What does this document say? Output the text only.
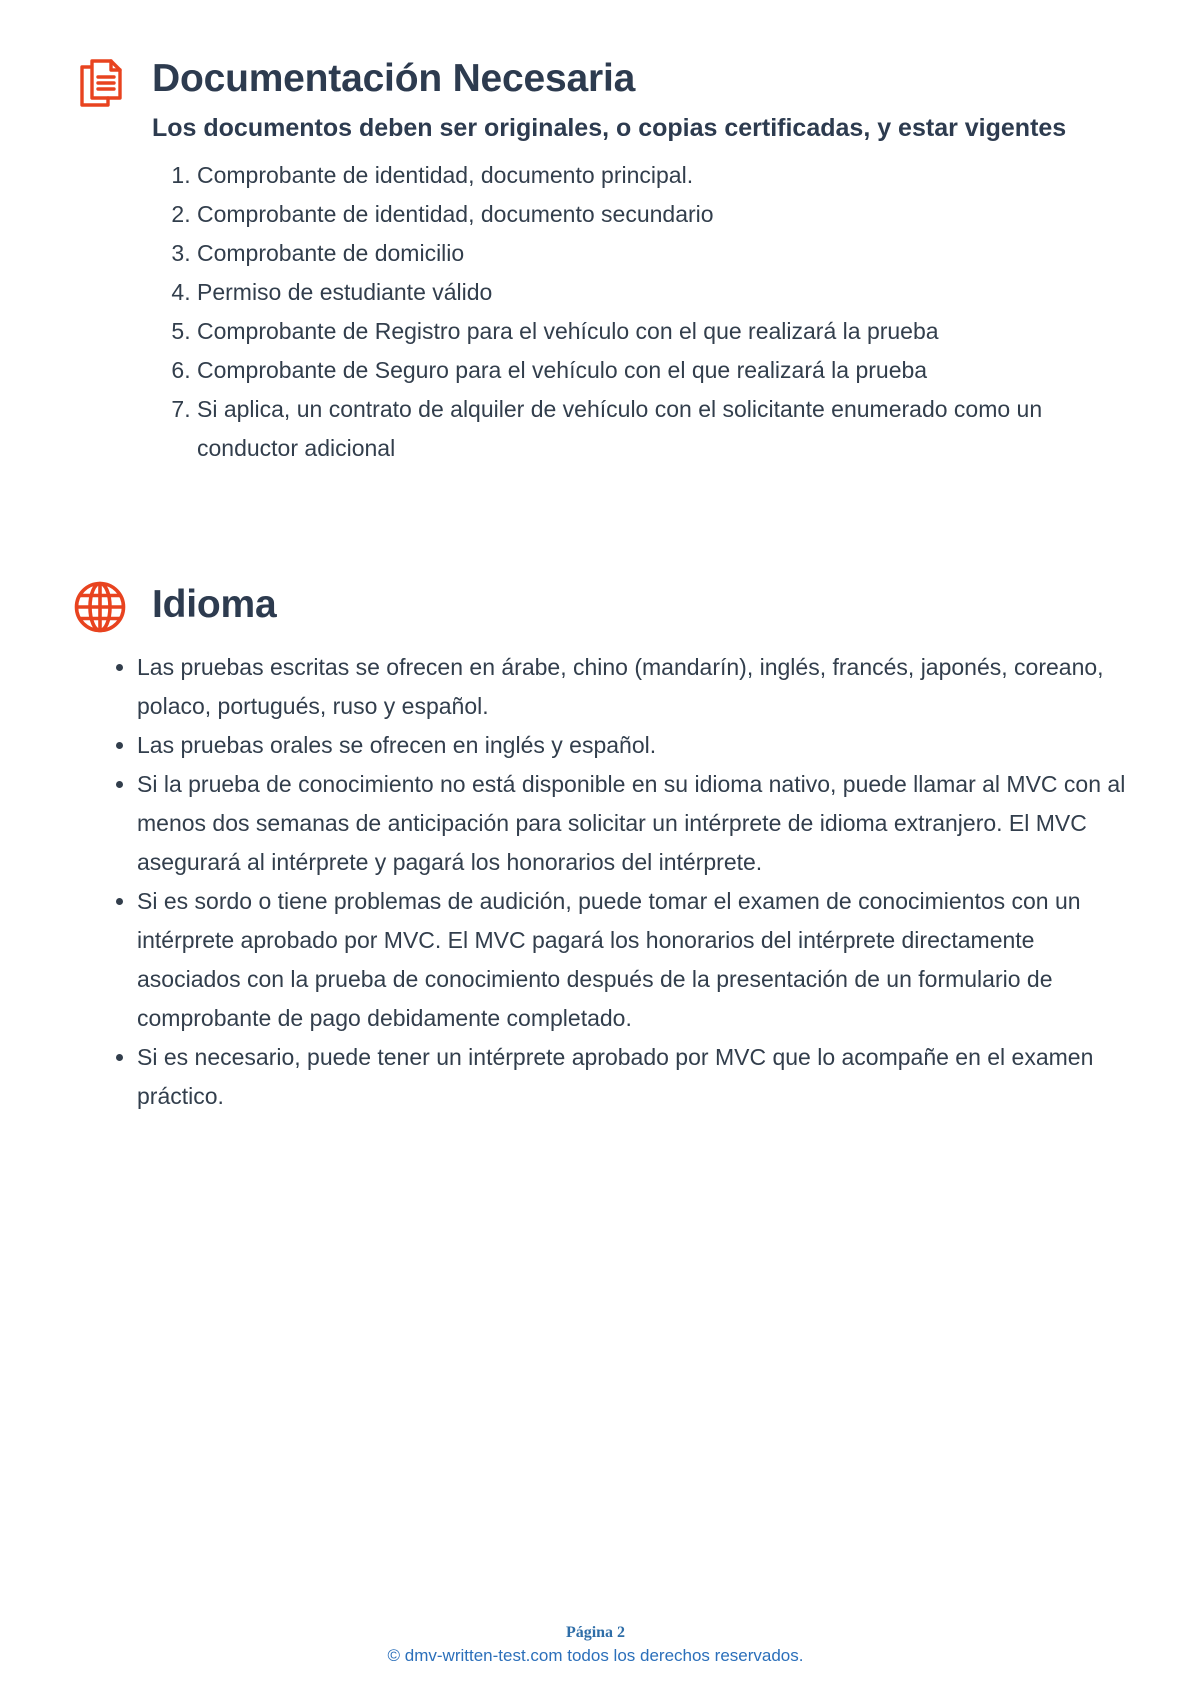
Documentación Necesaria

Los documentos deben ser originales, o copias certificadas, y estar vigentes

1. Comprobante de identidad, documento principal.
2. Comprobante de identidad, documento secundario
3. Comprobante de domicilio
4. Permiso de estudiante válido
5. Comprobante de Registro para el vehículo con el que realizará la prueba
6. Comprobante de Seguro para el vehículo con el que realizará la prueba
7. Si aplica, un contrato de alquiler de vehículo con el solicitante enumerado como un conductor adicional
Idioma
• Las pruebas escritas se ofrecen en árabe, chino (mandarín), inglés, francés, japonés, coreano, polaco, portugués, ruso y español.
• Las pruebas orales se ofrecen en inglés y español.
• Si la prueba de conocimiento no está disponible en su idioma nativo, puede llamar al MVC con al menos dos semanas de anticipación para solicitar un intérprete de idioma extranjero. El MVC asegurará al intérprete y pagará los honorarios del intérprete.
• Si es sordo o tiene problemas de audición, puede tomar el examen de conocimientos con un intérprete aprobado por MVC. El MVC pagará los honorarios del intérprete directamente asociados con la prueba de conocimiento después de la presentación de un formulario de comprobante de pago debidamente completado.
• Si es necesario, puede tener un intérprete aprobado por MVC que lo acompañe en el examen práctico.
Página 2
© dmv-written-test.com todos los derechos reservados.
